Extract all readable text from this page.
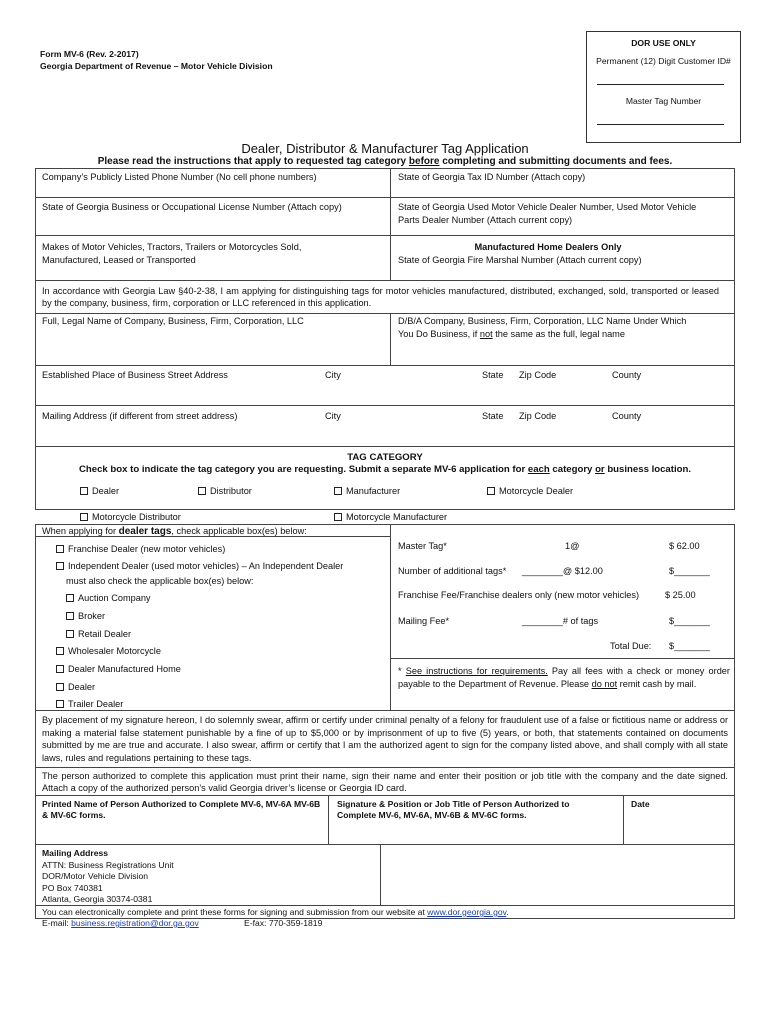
Form MV-6 (Rev. 2-2017)
Georgia Department of Revenue – Motor Vehicle Division
DOR USE ONLY
Permanent (12) Digit Customer ID#
Master Tag Number
Dealer, Distributor & Manufacturer Tag Application
Please read the instructions that apply to requested tag category before completing and submitting documents and fees.
Company’s Publicly Listed Phone Number (No cell phone numbers)	State of Georgia Tax ID Number (Attach copy)
State of Georgia Business or Occupational License Number (Attach copy)	State of Georgia Used Motor Vehicle Dealer Number, Used Motor Vehicle
Parts Dealer Number (Attach current copy)
Makes of Motor Vehicles, Tractors, Trailers or Motorcycles Sold,
Manufactured, Leased or Transported
Manufactured Home Dealers Only
State of Georgia Fire Marshal Number (Attach current copy)
In accordance with Georgia Law §40-2-38, I am applying for distinguishing tags for motor vehicles manufactured, distributed, exchanged, sold, transported or leased by the company, business, firm, corporation or LLC referenced in this application.
Full, Legal Name of Company, Business, Firm, Corporation, LLC	D/B/A Company, Business, Firm, Corporation, LLC Name Under Which
You Do Business, if not the same as the full, legal name
Established Place of Business Street Address	City	State Zip Code	County
Mailing Address (if different from street address)	City	State Zip Code	County
TAG CATEGORY
Check box to indicate the tag category you are requesting. Submit a separate MV-6 application for each category or business location.
Dealer	Distributor	Manufacturer	Motorcycle Dealer
Motorcycle Distributor	Motorcycle Manufacturer
When applying for dealer tags, check applicable box(es) below:
Franchise Dealer (new motor vehicles)
Independent Dealer (used motor vehicles) – An Independent Dealer
must also check the applicable box(es) below:
Auction Company
Broker
Retail Dealer
Wholesaler Motorcycle
Dealer Manufactured Home
Dealer
Trailer Dealer
Master Tag*	1@	$ 62.00
Number of additional tags* ________@ $12.00	$_______
Franchise Fee/Franchise dealers only (new motor vehicles)	$ 25.00
Mailing Fee*	________# of tags	$_______
Total Due: $_______
* See instructions for requirements. Pay all fees with a check or money order payable to the Department of Revenue. Please do not remit cash by mail.
By placement of my signature hereon, I do solemnly swear, affirm or certify under criminal penalty of a felony for fraudulent use of a false or fictitious name or address or making a material false statement punishable by a fine of up to $5,000 or by imprisonment of up to five (5) years, or both, that statements contained on documents submitted by me are true and accurate. I also swear, affirm or certify that I am the authorized agent to sign for the company listed above, and shall comply with all state laws, rules and regulations pertaining to these tags.
The person authorized to complete this application must print their name, sign their name and enter their position or job title with the company and the date signed. Attach a copy of the authorized person’s valid Georgia driver’s license or Georgia ID card.
Printed Name of Person Authorized to Complete MV-6, MV-6A MV-6B & MV-6C forms.
Signature & Position or Job Title of Person Authorized to Complete MV-6, MV-6A, MV-6B & MV-6C forms.
Date
Mailing Address
ATTN: Business Registrations Unit
DOR/Motor Vehicle Division
PO Box 740381
Atlanta, Georgia 30374-0381
You can electronically complete and print these forms for signing and submission from our website at www.dor.georgia.gov.
E-mail: business.registration@dor.ga.gov	E-fax: 770-359-1819
